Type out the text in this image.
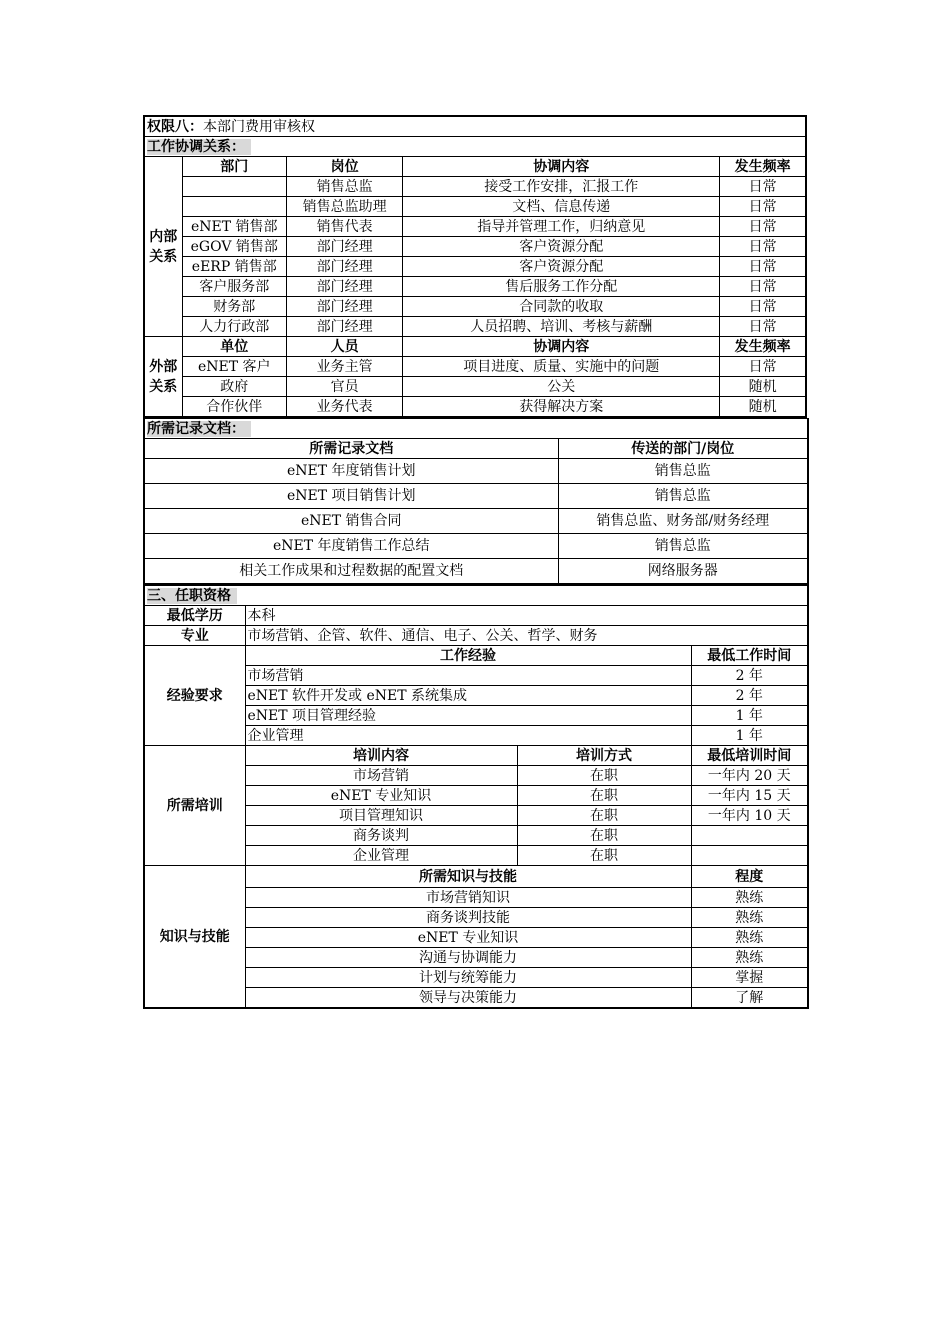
权限八：本部门费用审核权				
工作协调关系：				
内部关系	部门	岗位	协调内容	发生频率
		销售总监	接受工作安排，汇报工作	日常
		销售总监助理	文档、信息传递	日常
	eNET 销售部	销售代表	指导并管理工作，归纳意见	日常
	eGOV 销售部	部门经理	客户资源分配	日常
	eERP 销售部	部门经理	客户资源分配	日常
	客户服务部	部门经理	售后服务工作分配	日常
	财务部	部门经理	合同款的收取	日常
	人力行政部	部门经理	人员招聘、培训、考核与薪酬	日常
外部关系	单位	人员	协调内容	发生频率
	eNET 客户	业务主管	项目进度、质量、实施中的问题	日常
	政府	官员	公关	随机
	合作伙伴	业务代表	获得解决方案	随机
所需记录文档：	
所需记录文档	传送的部门/岗位
eNET 年度销售计划	销售总监
eNET 项目销售计划	销售总监
eNET 销售合同	销售总监、财务部/财务经理
eNET 年度销售工作总结	销售总监
相关工作成果和过程数据的配置文档	网络服务器
三、任职资格			
最低学历	本科		
专业	市场营销、企管、软件、通信、电子、公关、哲学、财务		
经验要求	工作经验		最低工作时间
	市场营销		2 年
	eNET 软件开发或 eNET 系统集成		2 年
	eNET 项目管理经验		1 年
	企业管理		1 年
所需培训	培训内容	培训方式	最低培训时间
	市场营销	在职	一年内 20 天
	eNET 专业知识	在职	一年内 15 天
	项目管理知识	在职	一年内 10 天
	商务谈判	在职	
	企业管理	在职	
知识与技能	所需知识与技能		程度
	市场营销知识		熟练
	商务谈判技能		熟练
	eNET 专业知识		熟练
	沟通与协调能力		熟练
	计划与统筹能力		掌握
	领导与决策能力		了解
